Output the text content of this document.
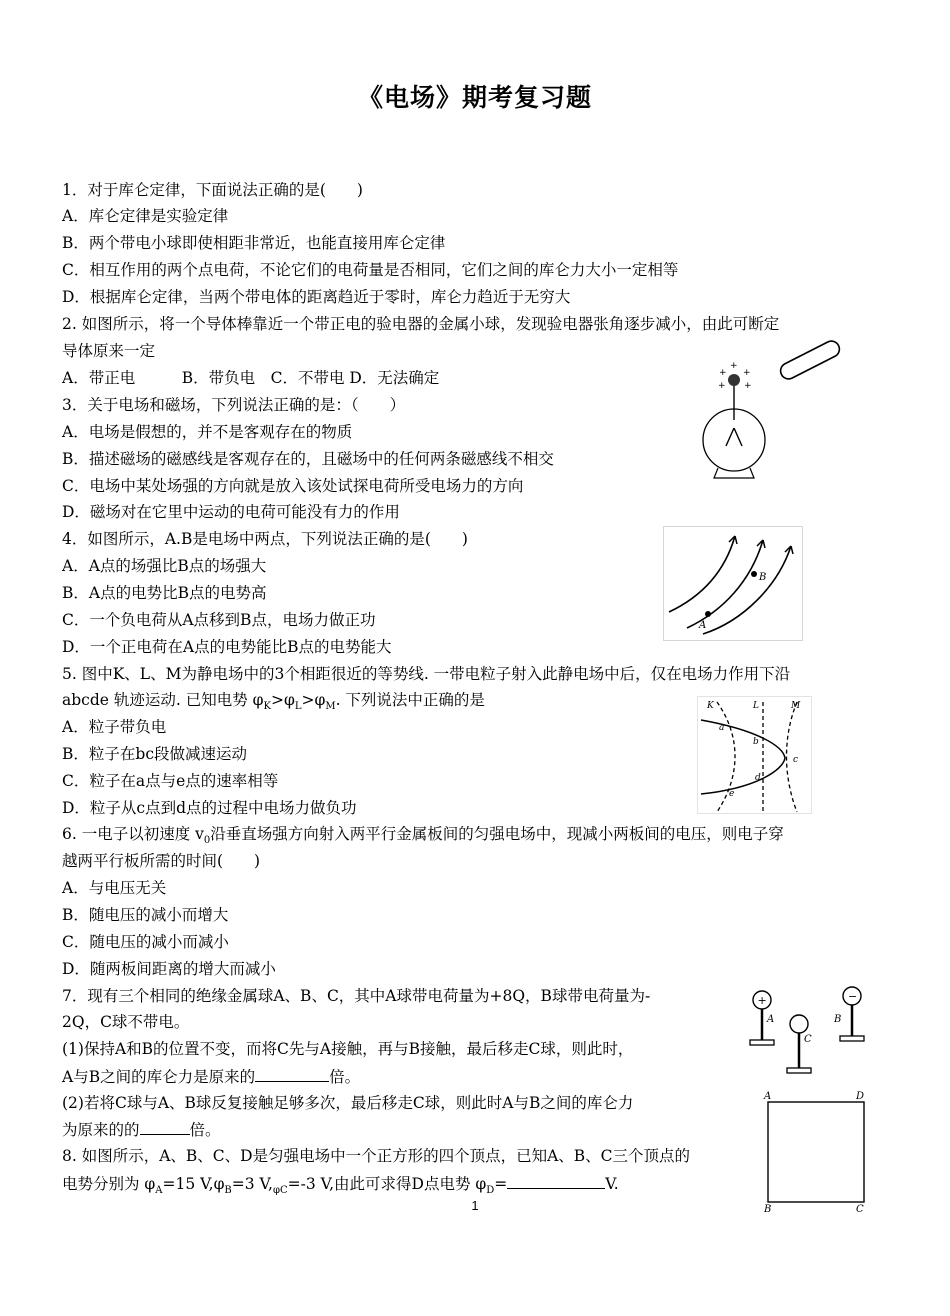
《电场》期考复习题
1．对于库仑定律，下面说法正确的是(　　)
A．库仑定律是实验定律
B．两个带电小球即使相距非常近，也能直接用库仑定律
C．相互作用的两个点电荷，不论它们的电荷量是否相同，它们之间的库仑力大小一定相等
D．根据库仑定律，当两个带电体的距离趋近于零时，库仑力趋近于无穷大
2. 如图所示，将一个导体棒靠近一个带正电的验电器的金属小球，发现验电器张角逐步减小，由此可断定
导体原来一定
A．带正电　　　B．带负电　C．不带电 D．无法确定
3．关于电场和磁场，下列说法正确的是：（　　）
A．电场是假想的，并不是客观存在的物质
B．描述磁场的磁感线是客观存在的，且磁场中的任何两条磁感线不相交
C．电场中某处场强的方向就是放入该处试探电荷所受电场力的方向
D．磁场对在它里中运动的电荷可能没有力的作用
4．如图所示，A.B是电场中两点，下列说法正确的是(　　)
A．A点的场强比B点的场强大
B．A点的电势比B点的电势高
C．一个负电荷从A点移到B点，电场力做正功
D．一个正电荷在A点的电势能比B点的电势能大
5. 图中K、L、M为静电场中的3个相距很近的等势线. 一带电粒子射入此静电场中后，仅在电场力作用下沿
abcde 轨迹运动. 已知电势 $\varphi_K>\varphi_L>\varphi_M$. 下列说法中正确的是
A．粒子带负电
B．粒子在bc段做减速运动
C．粒子在a点与e点的速率相等
D．粒子从c点到d点的过程中电场力做负功
6. 一电子以初速度 $v_0$沿垂直场强方向射入两平行金属板间的匀强电场中，现减小两板间的电压，则电子穿
越两平行板所需的时间(　　)
A．与电压无关
B．随电压的减小而增大
C．随电压的减小而减小
D．随两板间距离的增大而减小
7．现有三个相同的绝缘金属球A、B、C，其中A球带电荷量为+8Q，B球带电荷量为-
2Q，C球不带电。
(1)保持A和B的位置不变，而将C先与A接触，再与B接触，最后移走C球，则此时，
A与B之间的库仑力是原来的	倍。
(2)若将C球与A、B球反复接触足够多次，最后移走C球，则此时A与B之间的库仑力
为原来的的	倍。
8. 如图所示，A、B、C、D是匀强电场中一个正方形的四个顶点，已知A、B、C三个顶点的
电势分别为 $\varphi_A=15$ $V,\varphi_B=3$ $V,_{\varphi C}=-3$ V,由此可求得D点电势 $\varphi_D=$	V.
+
+ +
+ +
A
B
K	L	M
a
b
c
d
e
+
A
C
−
B
A	D
B	C
1
